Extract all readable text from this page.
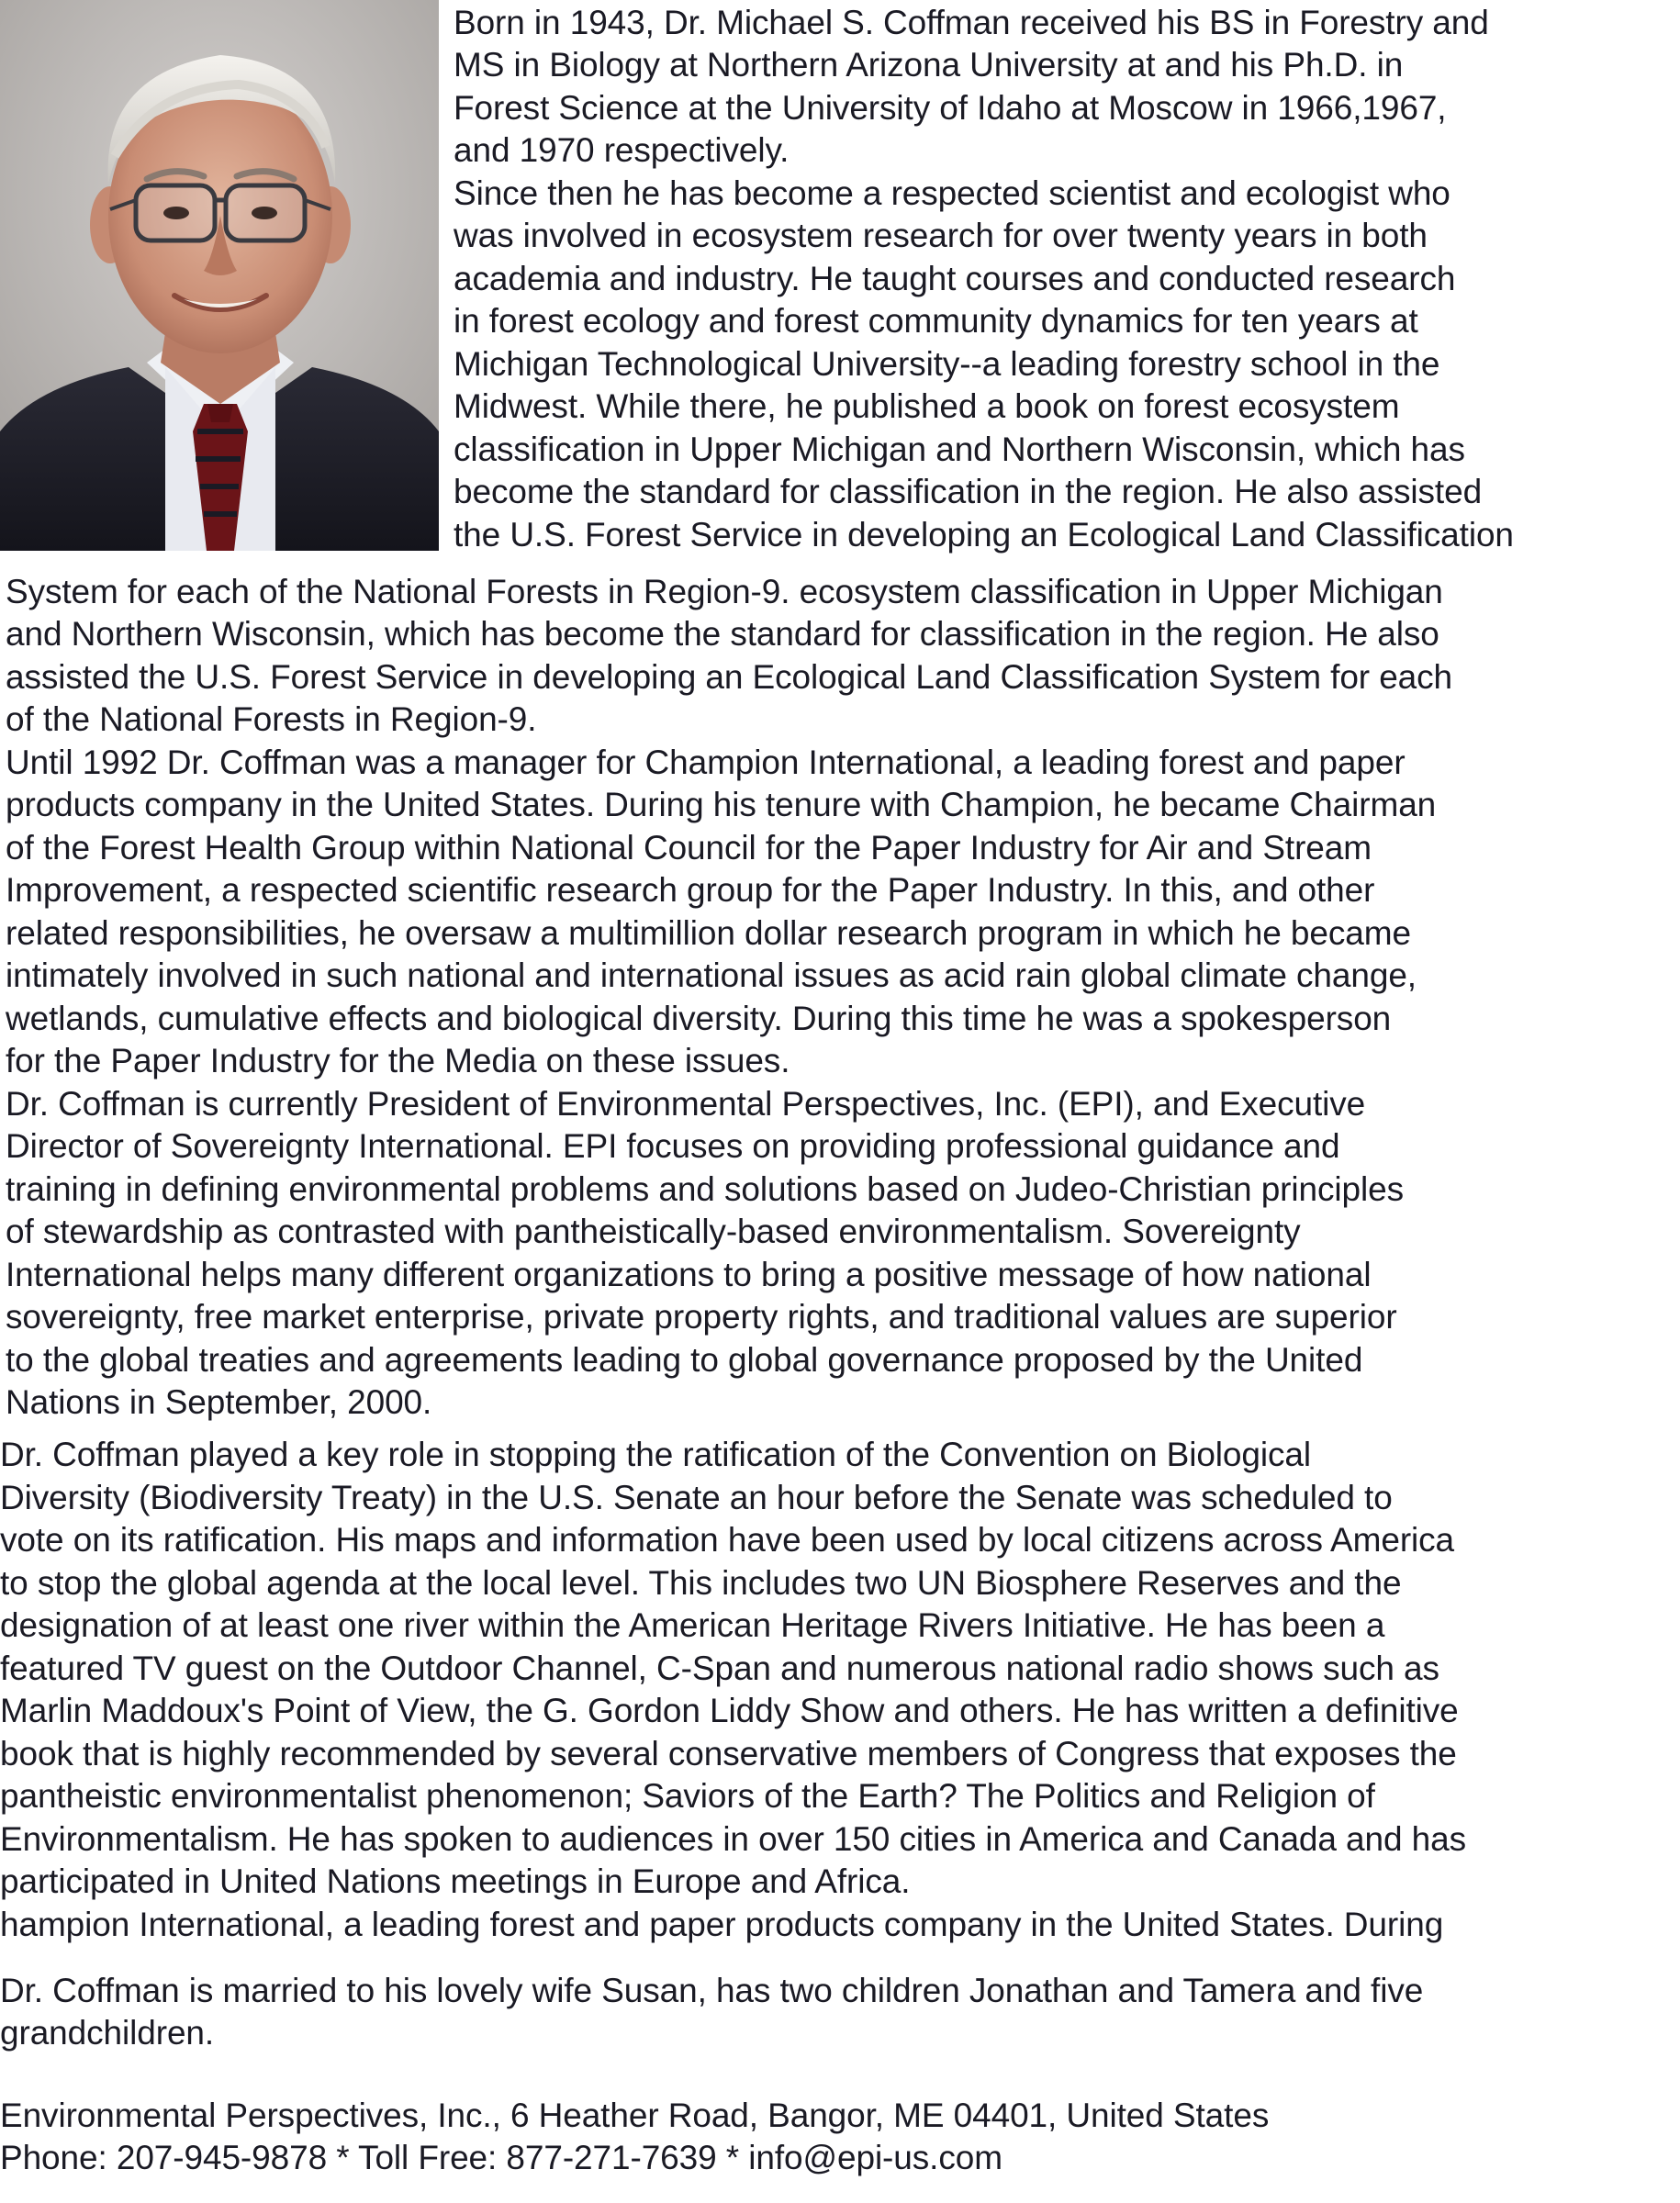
Born in 1943, Dr. Michael S. Coffman received his BS in Forestry and
MS in Biology at Northern Arizona University at and his Ph.D. in
Forest Science at the University of Idaho at Moscow in 1966,1967,
and 1970 respectively.
Since then he has become a respected scientist and ecologist who
was involved in ecosystem research for over twenty years in both
academia and industry. He taught courses and conducted research
in forest ecology and forest community dynamics for ten years at
Michigan Technological University--a leading forestry school in the
Midwest. While there, he published a book on forest ecosystem
classification in Upper Michigan and Northern Wisconsin, which has
become the standard for classification in the region. He also assisted
the U.S. Forest Service in developing an Ecological Land Classification
System for each of the National Forests in Region-9. ecosystem classification in Upper Michigan
and Northern Wisconsin, which has become the standard for classification in the region. He also
assisted the U.S. Forest Service in developing an Ecological Land Classification System for each
of the National Forests in Region-9.
Until 1992 Dr. Coffman was a manager for Champion International, a leading forest and paper
products company in the United States. During his tenure with Champion, he became Chairman
of the Forest Health Group within National Council for the Paper Industry for Air and Stream
Improvement, a respected scientific research group for the Paper Industry. In this, and other
related responsibilities, he oversaw a multimillion dollar research program in which he became
intimately involved in such national and international issues as acid rain global climate change,
wetlands, cumulative effects and biological diversity. During this time he was a spokesperson
for the Paper Industry for the Media on these issues.
Dr. Coffman is currently President of Environmental Perspectives, Inc. (EPI), and Executive
Director of Sovereignty International. EPI focuses on providing professional guidance and
training in defining environmental problems and solutions based on Judeo-Christian principles
of stewardship as contrasted with pantheistically-based environmentalism. Sovereignty
International helps many different organizations to bring a positive message of how national
sovereignty, free market enterprise, private property rights, and traditional values are superior
to the global treaties and agreements leading to global governance proposed by the United
Nations in September, 2000.
Dr. Coffman played a key role in stopping the ratification of the Convention on Biological
Diversity (Biodiversity Treaty) in the U.S. Senate an hour before the Senate was scheduled to
vote on its ratification. His maps and information have been used by local citizens across America
to stop the global agenda at the local level. This includes two UN Biosphere Reserves and the
designation of at least one river within the American Heritage Rivers Initiative. He has been a
featured TV guest on the Outdoor Channel, C-Span and numerous national radio shows such as
Marlin Maddoux's Point of View, the G. Gordon Liddy Show and others. He has written a definitive
book that is highly recommended by several conservative members of Congress that exposes the
pantheistic environmentalist phenomenon; Saviors of the Earth? The Politics and Religion of
Environmentalism. He has spoken to audiences in over 150 cities in America and Canada and has
participated in United Nations meetings in Europe and Africa.
hampion International, a leading forest and paper products company in the United States. During
Dr. Coffman is married to his lovely wife Susan, has two children Jonathan and Tamera and five
grandchildren.
Environmental Perspectives, Inc., 6 Heather Road, Bangor, ME 04401, United States
Phone: 207-945-9878 * Toll Free: 877-271-7639 * info@epi-us.com
